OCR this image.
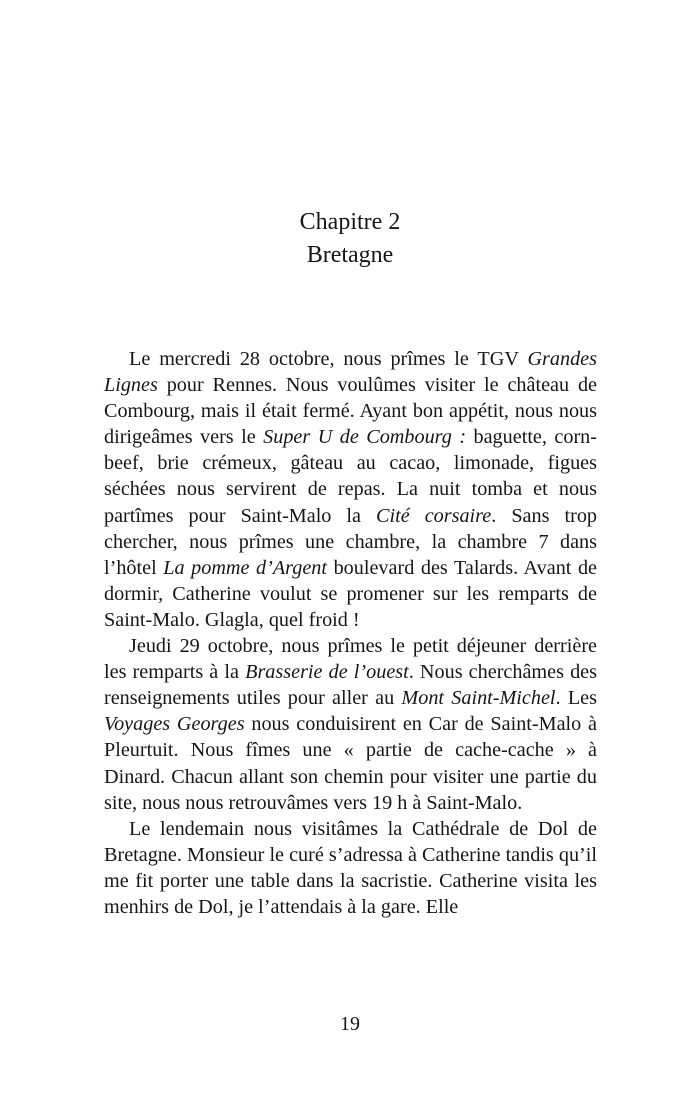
Chapitre 2
Bretagne

Le mercredi 28 octobre, nous prîmes le TGV Grandes Lignes pour Rennes. Nous voulûmes visiter le château de Combourg, mais il était fermé. Ayant bon appétit, nous nous dirigeâmes vers le Super U de Combourg : baguette, corn-beef, brie crémeux, gâteau au cacao, limonade, figues séchées nous servirent de repas. La nuit tomba et nous partîmes pour Saint-Malo la Cité corsaire. Sans trop chercher, nous prîmes une chambre, la chambre 7 dans l’hôtel La pomme d’Argent boulevard des Talards. Avant de dormir, Catherine voulut se promener sur les remparts de Saint-Malo. Glagla, quel froid !

Jeudi 29 octobre, nous prîmes le petit déjeuner derrière les remparts à la Brasserie de l’ouest. Nous cherchâmes des renseignements utiles pour aller au Mont Saint-Michel. Les Voyages Georges nous conduisirent en Car de Saint-Malo à Pleurtuit. Nous fîmes une « partie de cache-cache » à Dinard. Chacun allant son chemin pour visiter une partie du site, nous nous retrouvâmes vers 19 h à Saint-Malo.

Le lendemain nous visitâmes la Cathédrale de Dol de Bretagne. Monsieur le curé s’adressa à Catherine tandis qu’il me fit porter une table dans la sacristie. Catherine visita les menhirs de Dol, je l’attendais à la gare. Elle

19
